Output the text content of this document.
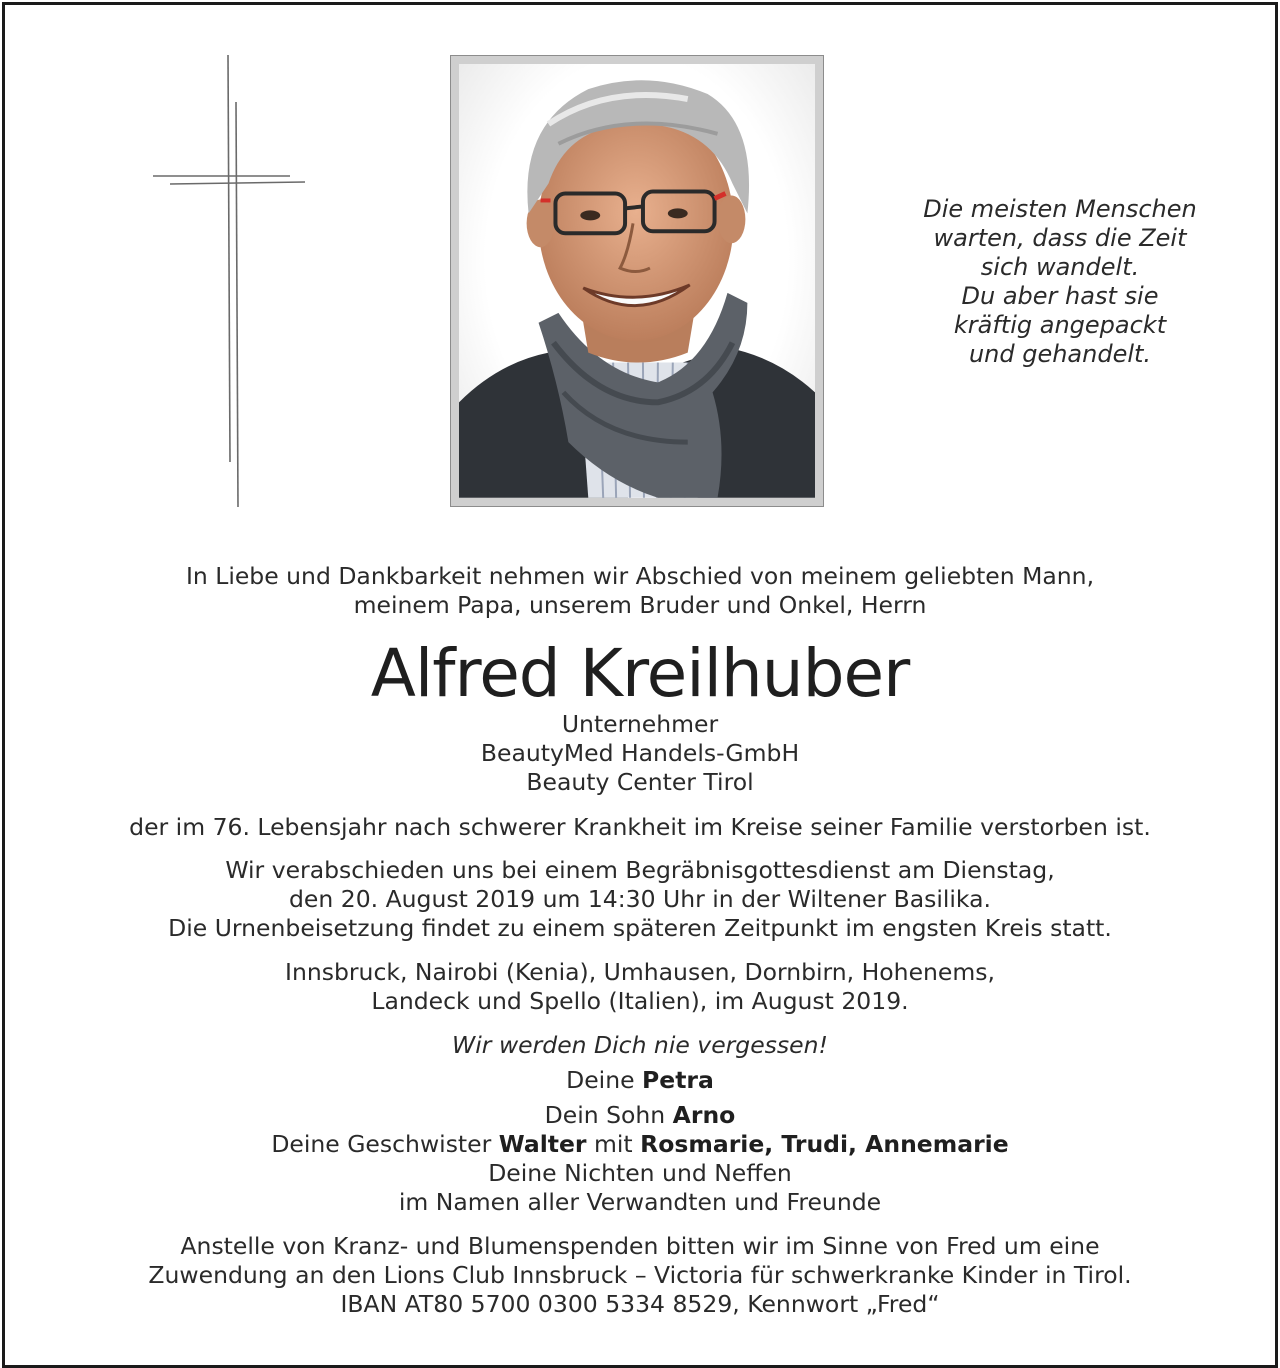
Die meisten Menschen
warten, dass die Zeit
sich wandelt.
Du aber hast sie
kräftig angepackt
und gehandelt.
In Liebe und Dankbarkeit nehmen wir Abschied von meinem geliebten Mann,
meinem Papa, unserem Bruder und Onkel, Herrn
Alfred Kreilhuber
Unternehmer
BeautyMed Handels-GmbH
Beauty Center Tirol
der im 76. Lebensjahr nach schwerer Krankheit im Kreise seiner Familie verstorben ist.
Wir verabschieden uns bei einem Begräbnisgottesdienst am Dienstag,
den 20. August 2019 um 14:30 Uhr in der Wiltener Basilika.
Die Urnenbeisetzung findet zu einem späteren Zeitpunkt im engsten Kreis statt.
Innsbruck, Nairobi (Kenia), Umhausen, Dornbirn, Hohenems,
Landeck und Spello (Italien), im August 2019.
Wir werden Dich nie vergessen!
Deine Petra
Dein Sohn Arno
Deine Geschwister Walter mit Rosmarie, Trudi, Annemarie
Deine Nichten und Neffen
im Namen aller Verwandten und Freunde
Anstelle von Kranz- und Blumenspenden bitten wir im Sinne von Fred um eine
Zuwendung an den Lions Club Innsbruck – Victoria für schwerkranke Kinder in Tirol.
IBAN AT80 5700 0300 5334 8529, Kennwort „Fred“
